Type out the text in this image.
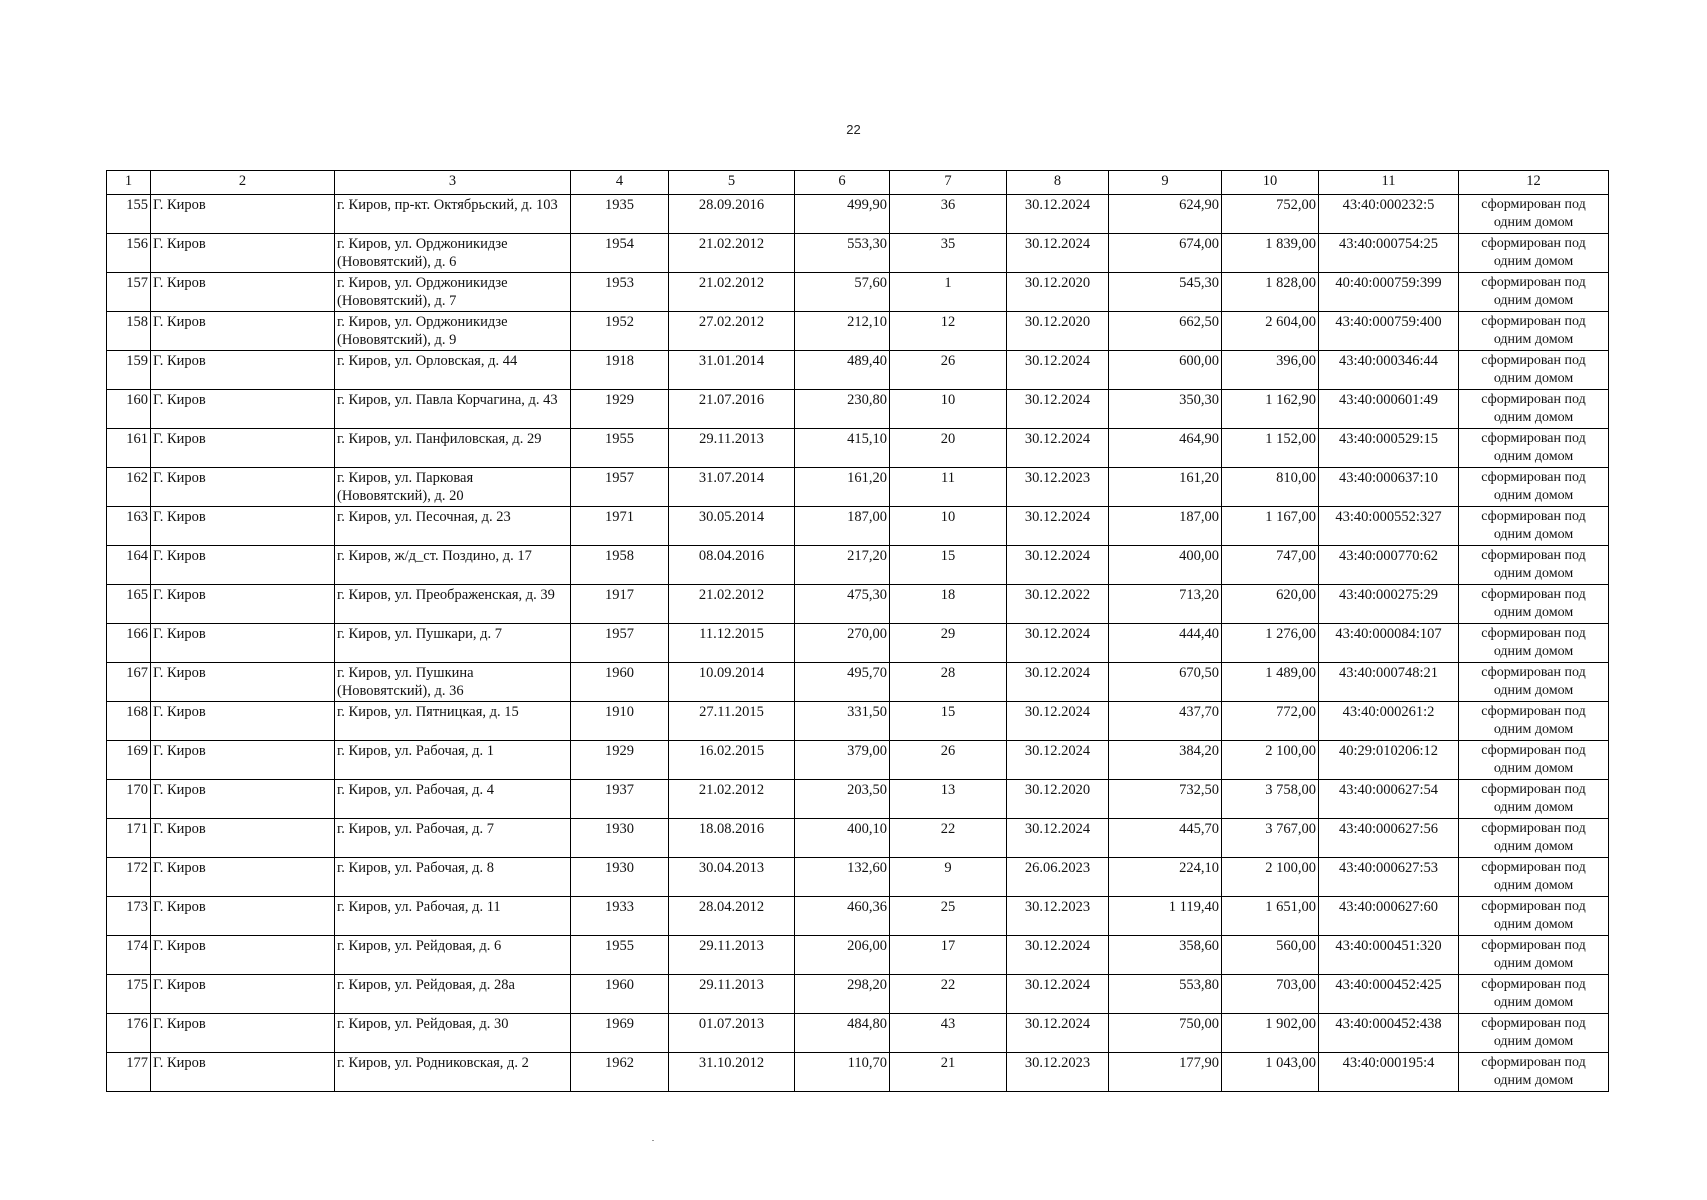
22
1	2	3	4	5	6	7	8	9	10	11	12
155	Г. Киров	г. Киров, пр-кт. Октябрьский, д. 103	1935	28.09.2016	499,90	36	30.12.2024	624,90	752,00	43:40:000232:5	сформирован под одним домом
156	Г. Киров	г. Киров, ул. Орджоникидзе (Нововятский), д. 6	1954	21.02.2012	553,30	35	30.12.2024	674,00	1 839,00	43:40:000754:25	сформирован под одним домом
157	Г. Киров	г. Киров, ул. Орджоникидзе (Нововятский), д. 7	1953	21.02.2012	57,60	1	30.12.2020	545,30	1 828,00	40:40:000759:399	сформирован под одним домом
158	Г. Киров	г. Киров, ул. Орджоникидзе (Нововятский), д. 9	1952	27.02.2012	212,10	12	30.12.2020	662,50	2 604,00	43:40:000759:400	сформирован под одним домом
159	Г. Киров	г. Киров, ул. Орловская, д. 44	1918	31.01.2014	489,40	26	30.12.2024	600,00	396,00	43:40:000346:44	сформирован под одним домом
160	Г. Киров	г. Киров, ул. Павла Корчагина, д. 43	1929	21.07.2016	230,80	10	30.12.2024	350,30	1 162,90	43:40:000601:49	сформирован под одним домом
161	Г. Киров	г. Киров, ул. Панфиловская, д. 29	1955	29.11.2013	415,10	20	30.12.2024	464,90	1 152,00	43:40:000529:15	сформирован под одним домом
162	Г. Киров	г. Киров, ул. Парковая (Нововятский), д. 20	1957	31.07.2014	161,20	11	30.12.2023	161,20	810,00	43:40:000637:10	сформирован под одним домом
163	Г. Киров	г. Киров, ул. Песочная, д. 23	1971	30.05.2014	187,00	10	30.12.2024	187,00	1 167,00	43:40:000552:327	сформирован под одним домом
164	Г. Киров	г. Киров, ж/д_ст. Поздино, д. 17	1958	08.04.2016	217,20	15	30.12.2024	400,00	747,00	43:40:000770:62	сформирован под одним домом
165	Г. Киров	г. Киров, ул. Преображенская, д. 39	1917	21.02.2012	475,30	18	30.12.2022	713,20	620,00	43:40:000275:29	сформирован под одним домом
166	Г. Киров	г. Киров, ул. Пушкари, д. 7	1957	11.12.2015	270,00	29	30.12.2024	444,40	1 276,00	43:40:000084:107	сформирован под одним домом
167	Г. Киров	г. Киров, ул. Пушкина (Нововятский), д. 36	1960	10.09.2014	495,70	28	30.12.2024	670,50	1 489,00	43:40:000748:21	сформирован под одним домом
168	Г. Киров	г. Киров, ул. Пятницкая, д. 15	1910	27.11.2015	331,50	15	30.12.2024	437,70	772,00	43:40:000261:2	сформирован под одним домом
169	Г. Киров	г. Киров, ул. Рабочая, д. 1	1929	16.02.2015	379,00	26	30.12.2024	384,20	2 100,00	40:29:010206:12	сформирован под одним домом
170	Г. Киров	г. Киров, ул. Рабочая, д. 4	1937	21.02.2012	203,50	13	30.12.2020	732,50	3 758,00	43:40:000627:54	сформирован под одним домом
171	Г. Киров	г. Киров, ул. Рабочая, д. 7	1930	18.08.2016	400,10	22	30.12.2024	445,70	3 767,00	43:40:000627:56	сформирован под одним домом
172	Г. Киров	г. Киров, ул. Рабочая, д. 8	1930	30.04.2013	132,60	9	26.06.2023	224,10	2 100,00	43:40:000627:53	сформирован под одним домом
173	Г. Киров	г. Киров, ул. Рабочая, д. 11	1933	28.04.2012	460,36	25	30.12.2023	1 119,40	1 651,00	43:40:000627:60	сформирован под одним домом
174	Г. Киров	г. Киров, ул. Рейдовая, д. 6	1955	29.11.2013	206,00	17	30.12.2024	358,60	560,00	43:40:000451:320	сформирован под одним домом
175	Г. Киров	г. Киров, ул. Рейдовая, д. 28а	1960	29.11.2013	298,20	22	30.12.2024	553,80	703,00	43:40:000452:425	сформирован под одним домом
176	Г. Киров	г. Киров, ул. Рейдовая, д. 30	1969	01.07.2013	484,80	43	30.12.2024	750,00	1 902,00	43:40:000452:438	сформирован под одним домом
177	Г. Киров	г. Киров, ул. Родниковская, д. 2	1962	31.10.2012	110,70	21	30.12.2023	177,90	1 043,00	43:40:000195:4	сформирован под одним домом
